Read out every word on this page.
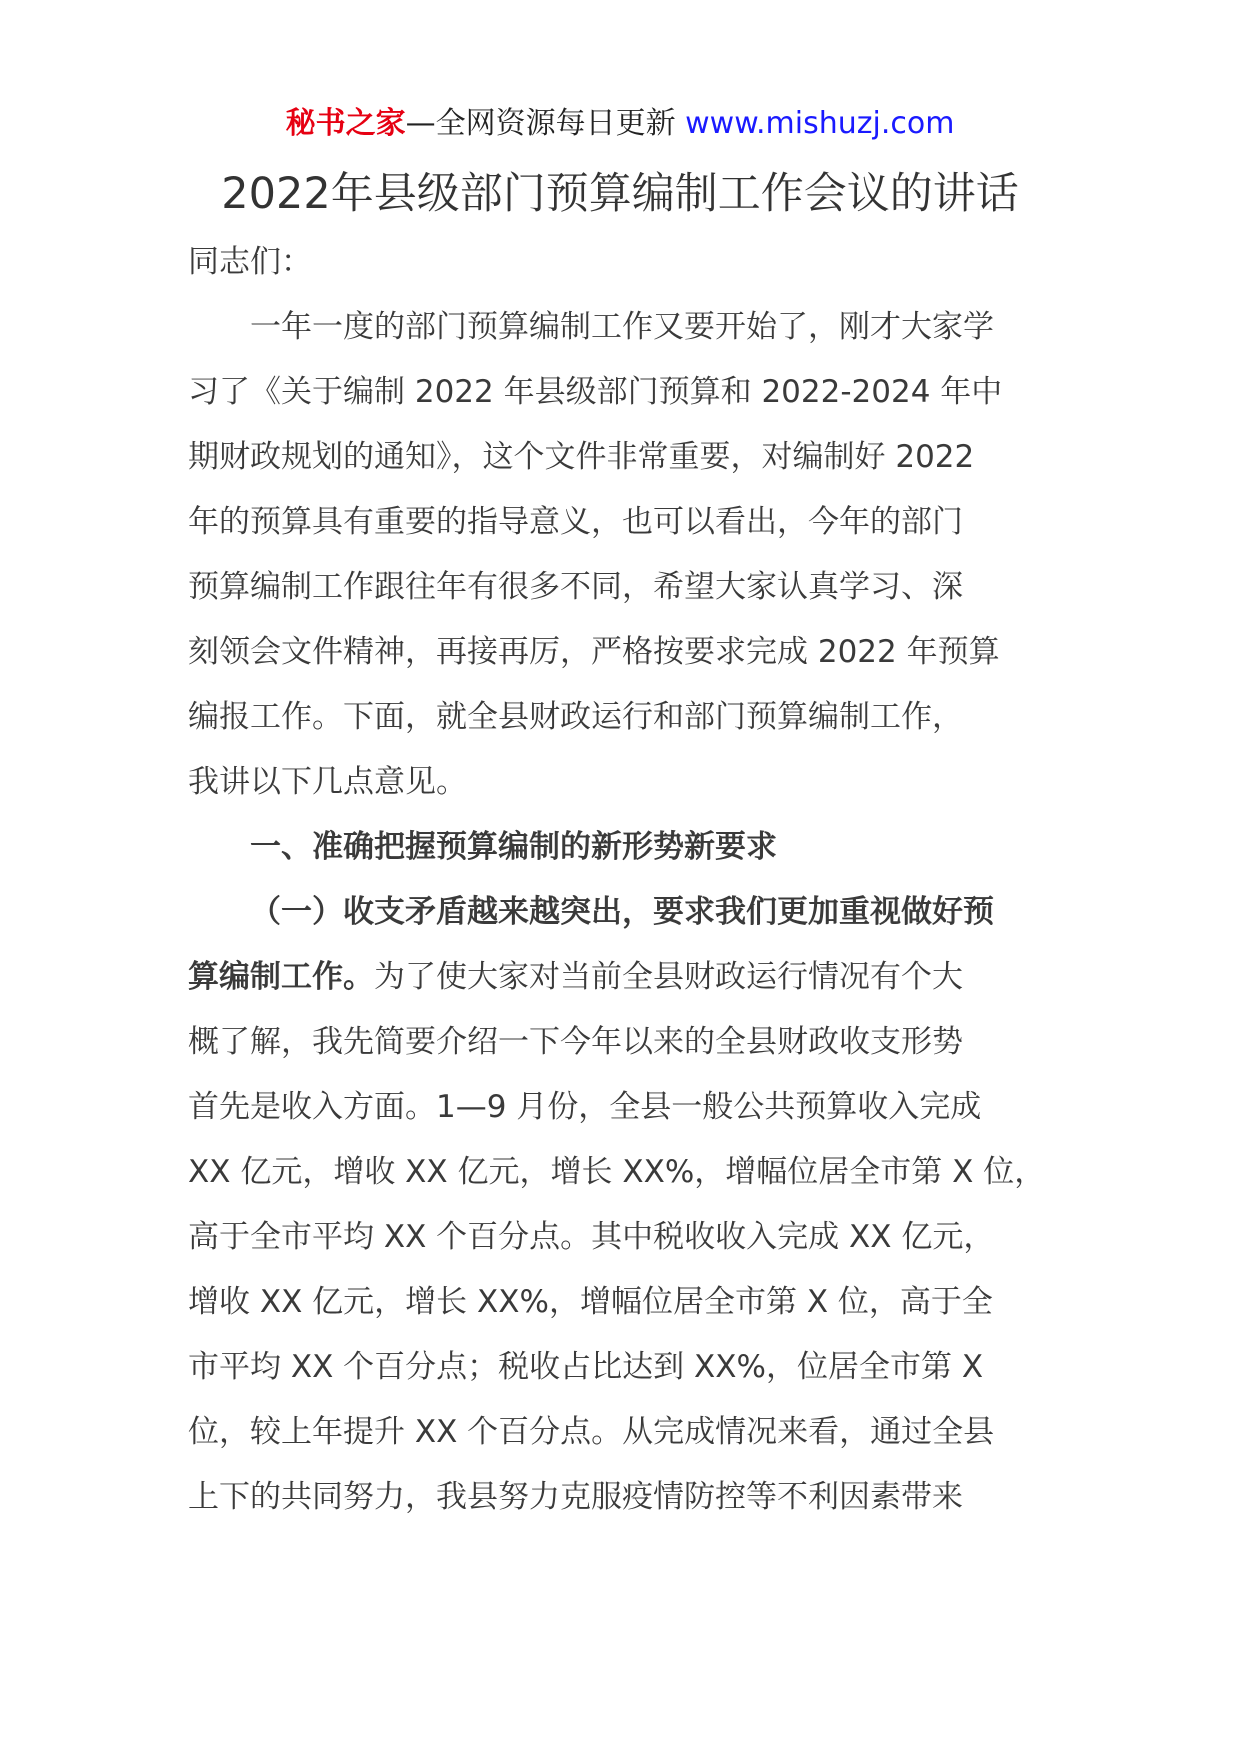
秘书之家—全网资源每日更新 www.mishuzj.com
2022年县级部门预算编制工作会议的讲话
同志们：
一年一度的部门预算编制工作又要开始了，刚才大家学
习了《关于编制 2022 年县级部门预算和 2022-2024 年中
期财政规划的通知》，这个文件非常重要，对编制好 2022
年的预算具有重要的指导意义，也可以看出，今年的部门
预算编制工作跟往年有很多不同，希望大家认真学习、深
刻领会文件精神，再接再厉，严格按要求完成 2022 年预算
编报工作。下面，就全县财政运行和部门预算编制工作，
我讲以下几点意见。
一、准确把握预算编制的新形势新要求
（一）收支矛盾越来越突出，要求我们更加重视做好预
算编制工作。为了使大家对当前全县财政运行情况有个大
概了解，我先简要介绍一下今年以来的全县财政收支形势
首先是收入方面。1—9 月份，全县一般公共预算收入完成
XX 亿元，增收 XX 亿元，增长 XX%，增幅位居全市第 X 位，
高于全市平均 XX 个百分点。其中税收收入完成 XX 亿元，
增收 XX 亿元，增长 XX%，增幅位居全市第 X 位，高于全
市平均 XX 个百分点；税收占比达到 XX%，位居全市第 X
位，较上年提升 XX 个百分点。从完成情况来看，通过全县
上下的共同努力，我县努力克服疫情防控等不利因素带来
